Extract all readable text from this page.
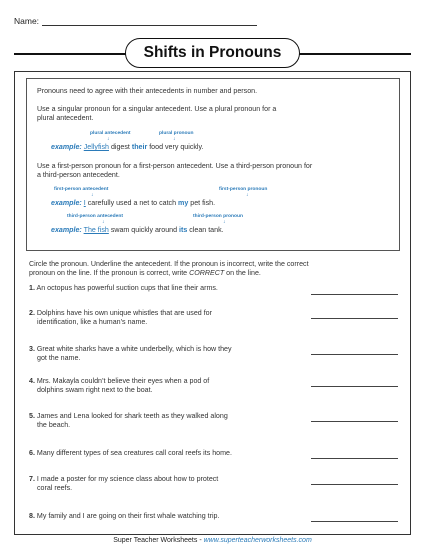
Name:
Shifts in Pronouns
Pronouns need to agree with their antecedents in number and person.
Use a singular pronoun for a singular antecedent. Use a plural pronoun for a
plural antecedent.
plural antecedent	plural pronoun
↓	↓
example: Jellyfish digest their food very quickly.
Use a first-person pronoun for a first-person antecedent. Use a third-person pronoun for
a third-person antecedent.
first-person antecedent	first-person pronoun
↓	↓
example: I carefully used a net to catch my pet fish.
third-person antecedent	third-person pronoun
↓	↓
example: The fish swam quickly around its clean tank.
Circle the pronoun. Underline the antecedent. If the pronoun is incorrect, write the correct
pronoun on the line. If the pronoun is correct, write CORRECT on the line.
1. An octopus has powerful suction cups that line their arms.
2. Dolphins have his own unique whistles that are used for
identification, like a human’s name.
3. Great white sharks have a white underbelly, which is how they
got the name.
4. Mrs. Makayla couldn’t believe their eyes when a pod of
dolphins swam right next to the boat.
5. James and Lena looked for shark teeth as they walked along
the beach.
6. Many different types of sea creatures call coral reefs its home.
7. I made a poster for my science class about how to protect
coral reefs.
8. My family and I are going on their first whale watching trip.
Super Teacher Worksheets - www.superteacherworksheets.com
